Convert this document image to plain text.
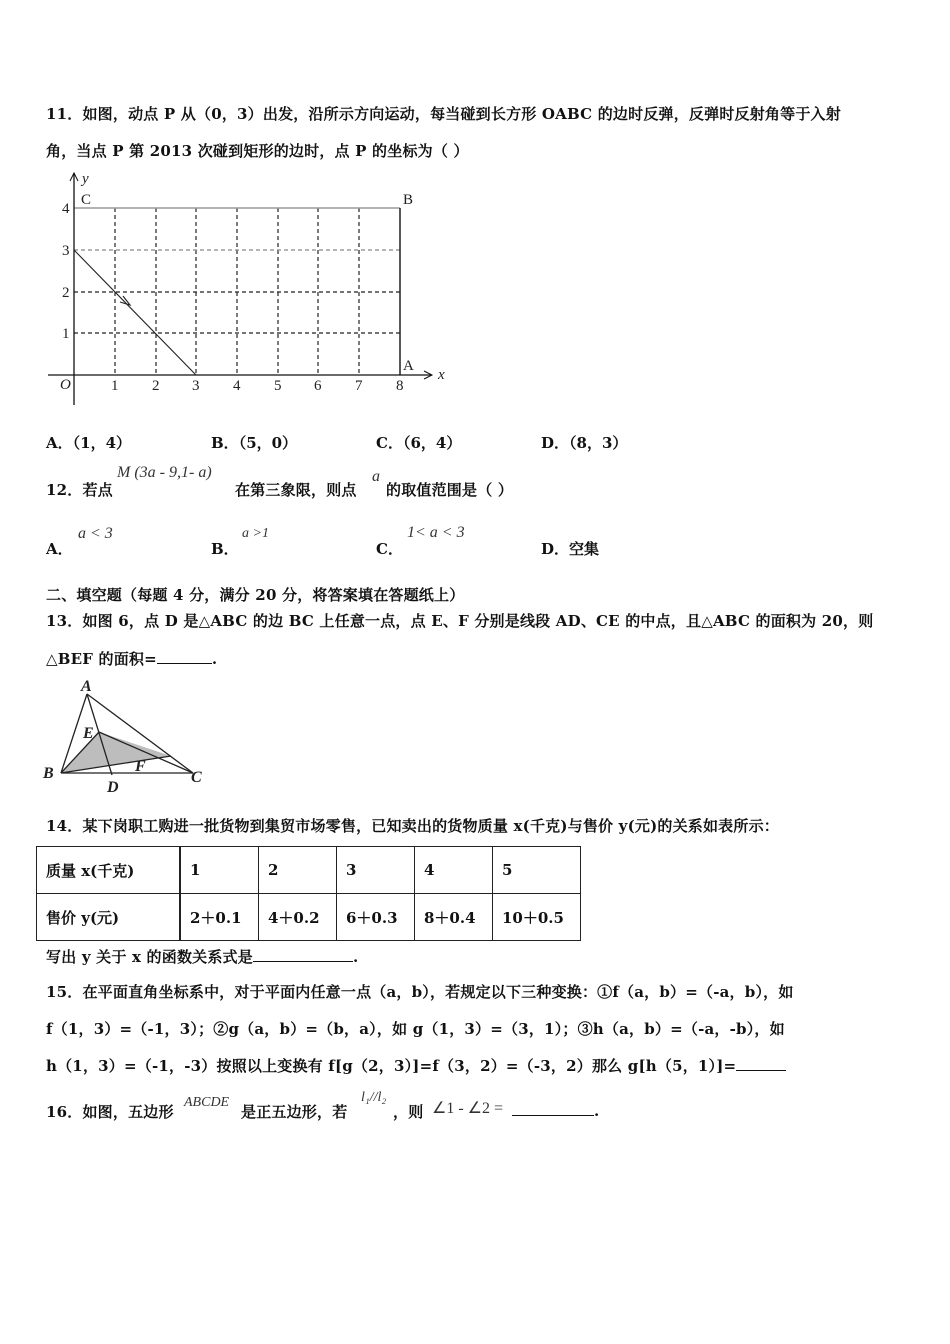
11．如图，动点 P 从（0，3）出发，沿所示方向运动，每当碰到长方形 OABC 的边时反弹，反弹时反射角等于入射
角，当点 P 第 2013 次碰到矩形的边时，点 P 的坐标为（ ）
y
x
O
C	B
A
1 2 3 4 5 6 7 8
1
2
3
4
A．（1，4）	B．（5，0）	C．（6，4）	D．（8，3）
12．若点
M (3a - 9,1- a)
在第三象限，则点
a
的取值范围是（ ）
A．
a < 3
B．
a >1
C．
1< a < 3
D．空集
二、填空题（每题 4 分，满分 20 分，将答案填在答题纸上）
13．如图 6，点 D 是△ABC 的边 BC 上任意一点，点 E、F 分别是线段 AD、CE 的中点，且△ABC 的面积为 20，则
△BEF 的面积=	.
A
B	C
D
E
F
14．某下岗职工购进一批货物到集贸市场零售，已知卖出的货物质量 x(千克)与售价 y(元)的关系如表所示：
质量 x(千克)	1	2	3	4	5
售价 y(元)	2＋0.1	4＋0.2	6＋0.3	8＋0.4	10＋0.5
写出 y 关于 x 的函数关系式是	.
15．在平面直角坐标系中，对于平面内任意一点（a，b），若规定以下三种变换：①f（a，b）=（-a，b），如
f（1，3）=（-1，3）；②g（a，b）=（b，a），如 g（1，3）=（3，1）；③h（a，b）=（-a，-b），如
h（1，3）=（-1，-3）按照以上变换有 f[g（2，3）]=f（3，2）=（-3，2）那么 g[h（5，1）]=
16．如图，五边形
ABCDE
是正五边形，若
l₁//l₂
，则 ∠1 - ∠2 =	.
